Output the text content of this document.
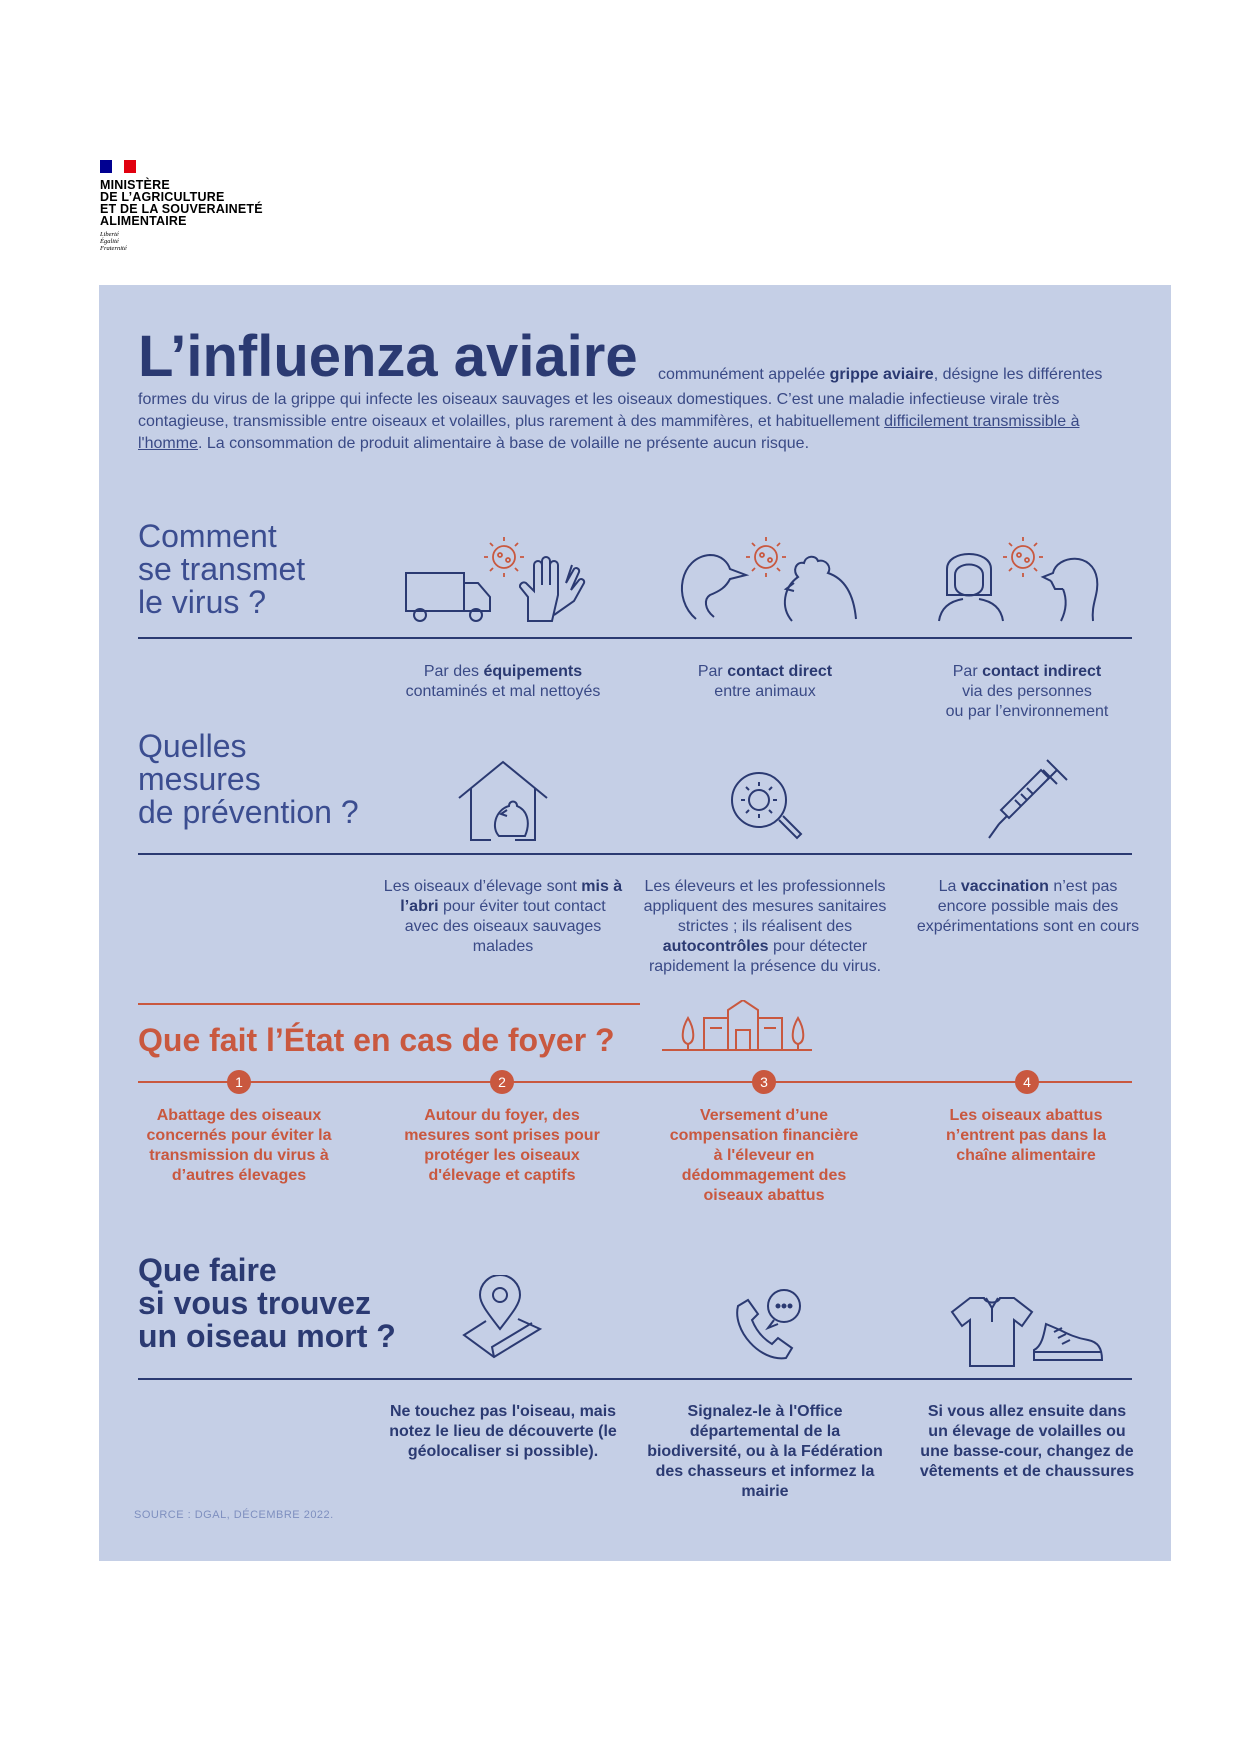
MINISTÈRE
DE L’AGRICULTURE
ET DE LA SOUVERAINETÉ
ALIMENTAIRE
Liberté
Égalité
Fraternité
L’influenza aviaire communément appelée grippe aviaire, désigne les différentes
formes du virus de la grippe qui infecte les oiseaux sauvages et les oiseaux domestiques. C’est une maladie infectieuse virale très contagieuse, transmissible entre oiseaux et volailles, plus rarement à des mammifères, et habituellement difficilement transmissible à l'homme. La consommation de produit alimentaire à base de volaille ne présente aucun risque.
Comment
se transmet
le virus ?
Par des équipements
contaminés et mal nettoyés
Par contact direct
entre animaux
Par contact indirect
via des personnes
ou par l’environnement
Quelles
mesures
de prévention ?
Les oiseaux d’élevage sont mis à l’abri pour éviter tout contact avec des oiseaux sauvages malades
Les éleveurs et les professionnels appliquent des mesures sanitaires strictes ; ils réalisent des autocontrôles pour détecter rapidement la présence du virus.
La vaccination n’est pas encore possible mais des expérimentations sont en cours
Que fait l’État en cas de foyer ?
1	2	3	4
Abattage des oiseaux concernés pour éviter la transmission du virus à d’autres élevages
Autour du foyer, des mesures sont prises pour protéger les oiseaux d'élevage et captifs
Versement d’une compensation financière à l'éleveur en dédommagement des oiseaux abattus
Les oiseaux abattus n’entrent pas dans la chaîne alimentaire
Que faire
si vous trouvez
un oiseau mort ?
Ne touchez pas l'oiseau, mais notez le lieu de découverte (le géolocaliser si possible).
Signalez-le à l'Office départemental de la biodiversité, ou à la Fédération des chasseurs et informez la mairie
Si vous allez ensuite dans un élevage de volailles ou une basse-cour, changez de vêtements et de chaussures
SOURCE : DGAL, DÉCEMBRE 2022.
